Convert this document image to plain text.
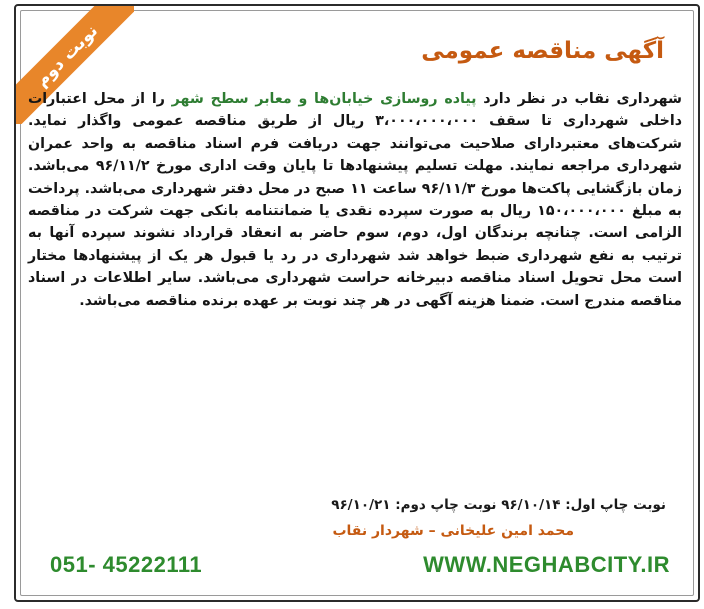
نوبت دوم	آگهی مناقصه عمومی
شهرداری نقاب در نظر دارد پیاده روسازی خیابان‌ها و معابر سطح شهر را از محل اعتبارات داخلی شهرداری تا سقف ۳،۰۰۰،۰۰۰،۰۰۰ ریال از طریق مناقصه عمومی واگذار نماید. شرکت‌های معتبردارای صلاحیت می‌توانند جهت دریافت فرم اسناد مناقصه به واحد عمران شهرداری مراجعه نمایند. مهلت تسلیم پیشنهادها تا پایان وقت اداری مورخ ۹۶/۱۱/۲ می‌باشد. زمان بازگشایی پاکت‌ها مورخ ۹۶/۱۱/۳ ساعت ۱۱ صبح در محل دفتر شهرداری می‌باشد. پرداخت به مبلغ ۱۵۰،۰۰۰،۰۰۰ ریال به صورت سپرده نقدی یا ضمانتنامه بانکی جهت شرکت در مناقصه الزامی است. چنانچه برندگان اول، دوم، سوم حاضر به انعقاد قرارداد نشوند سپرده آنها به ترتیب به نفع شهرداری ضبط خواهد شد شهرداری در رد یا قبول هر یک از پیشنهادها مختار است محل تحویل اسناد مناقصه دبیرخانه حراست شهرداری می‌باشد. سایر اطلاعات در اسناد مناقصه مندرج است. ضمنا هزینه آگهی در هر چند نوبت بر عهده برنده مناقصه می‌باشد.
نوبت چاپ اول: ۹۶/۱۰/۱۴ نوبت چاپ دوم: ۹۶/۱۰/۲۱
محمد امین علیخانی – شهردار نقاب
051- 45222111	WWW.NEGHABCITY.IR
